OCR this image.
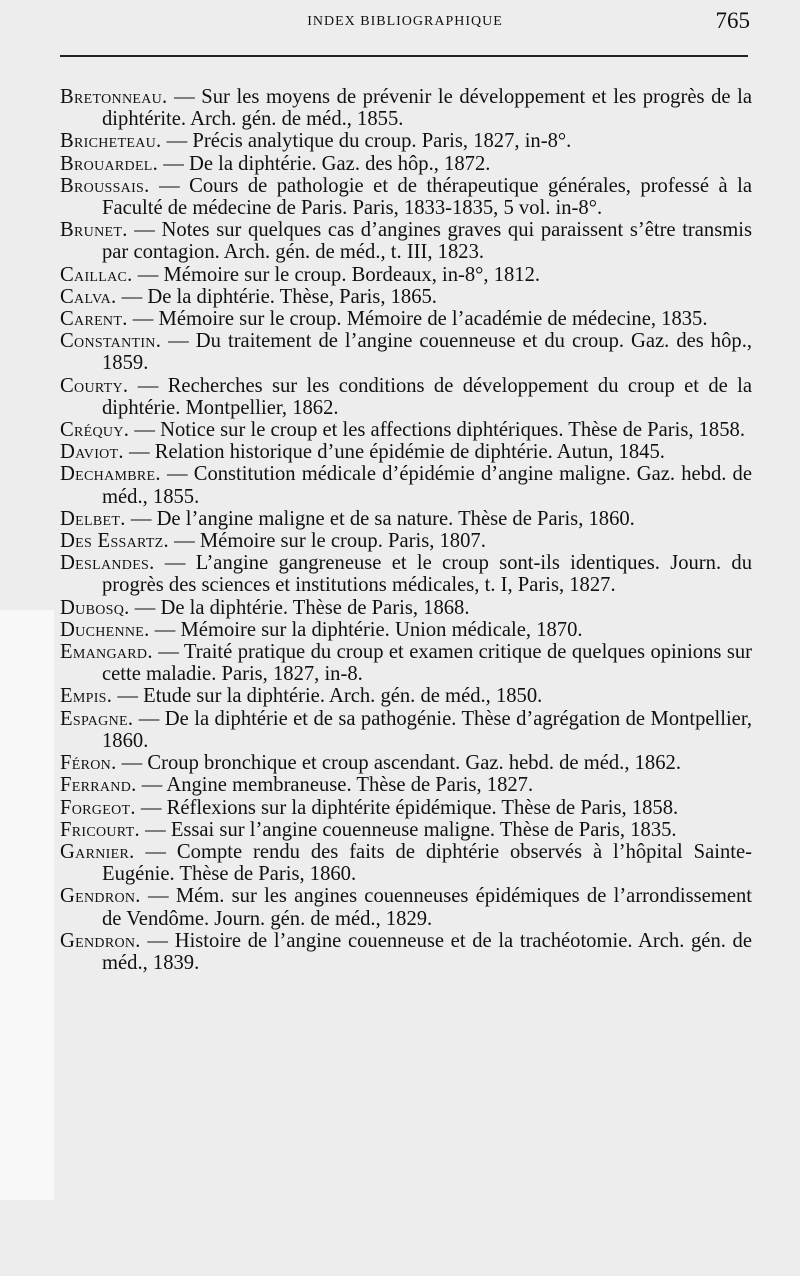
INDEX BIBLIOGRAPHIQUE	765
Bretonneau. — Sur les moyens de prévenir le développement et les progrès de la diphtérite. Arch. gén. de méd., 1855.
Bricheteau. — Précis analytique du croup. Paris, 1827, in-8°.
Brouardel. — De la diphtérie. Gaz. des hôp., 1872.
Broussais. — Cours de pathologie et de thérapeutique générales, professé à la Faculté de médecine de Paris. Paris, 1833-1835, 5 vol. in-8°.
Brunet. — Notes sur quelques cas d’angines graves qui paraissent s’être transmis par contagion. Arch. gén. de méd., t. III, 1823.
Caillac. — Mémoire sur le croup. Bordeaux, in-8°, 1812.
Calva. — De la diphtérie. Thèse, Paris, 1865.
Carent. — Mémoire sur le croup. Mémoire de l’académie de médecine, 1835.
Constantin. — Du traitement de l’angine couenneuse et du croup. Gaz. des hôp., 1859.
Courty. — Recherches sur les conditions de développement du croup et de la diphtérie. Montpellier, 1862.
Créquy. — Notice sur le croup et les affections diphtériques. Thèse de Paris, 1858.
Daviot. — Relation historique d’une épidémie de diphtérie. Autun, 1845.
Dechambre. — Constitution médicale d’épidémie d’angine maligne. Gaz. hebd. de méd., 1855.
Delbet. — De l’angine maligne et de sa nature. Thèse de Paris, 1860.
Des Essartz. — Mémoire sur le croup. Paris, 1807.
Deslandes. — L’angine gangreneuse et le croup sont-ils identiques. Journ. du progrès des sciences et institutions médicales, t. I, Paris, 1827.
Dubosq. — De la diphtérie. Thèse de Paris, 1868.
Duchenne. — Mémoire sur la diphtérie. Union médicale, 1870.
Emangard. — Traité pratique du croup et examen critique de quelques opinions sur cette maladie. Paris, 1827, in-8.
Empis. — Etude sur la diphtérie. Arch. gén. de méd., 1850.
Espagne. — De la diphtérie et de sa pathogénie. Thèse d’agrégation de Montpellier, 1860.
Féron. — Croup bronchique et croup ascendant. Gaz. hebd. de méd., 1862.
Ferrand. — Angine membraneuse. Thèse de Paris, 1827.
Forgeot. — Réflexions sur la diphtérite épidémique. Thèse de Paris, 1858.
Fricourt. — Essai sur l’angine couenneuse maligne. Thèse de Paris, 1835.
Garnier. — Compte rendu des faits de diphtérie observés à l’hôpital Sainte-Eugénie. Thèse de Paris, 1860.
Gendron. — Mém. sur les angines couenneuses épidémiques de l’arrondissement de Vendôme. Journ. gén. de méd., 1829.
Gendron. — Histoire de l’angine couenneuse et de la trachéotomie. Arch. gén. de méd., 1839.
